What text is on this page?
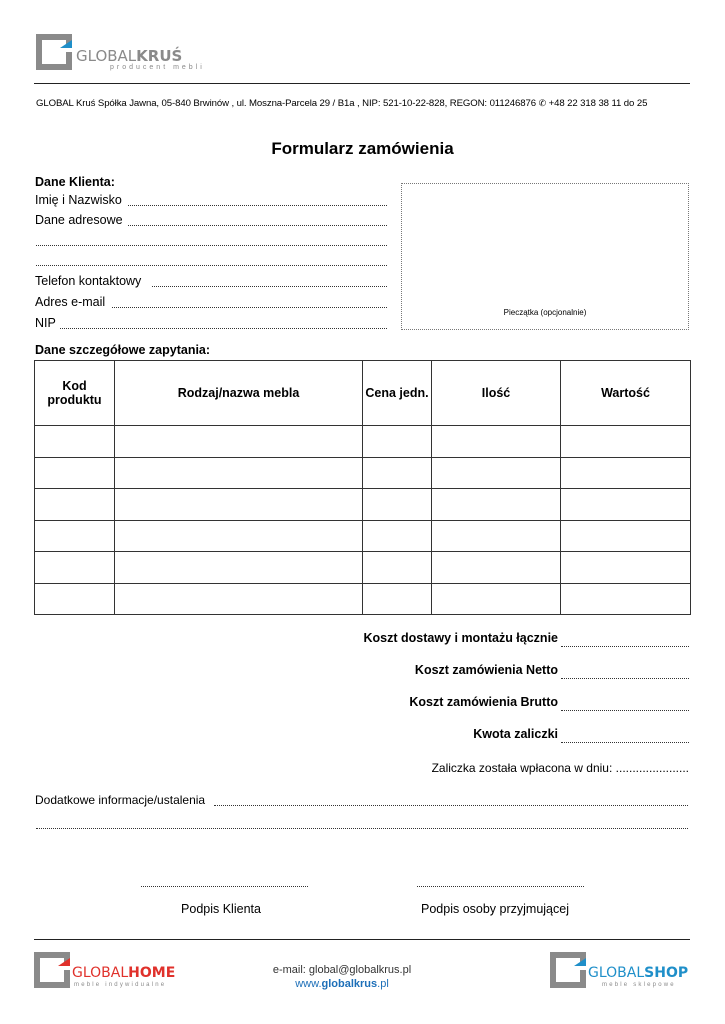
GLOBALKRUŚ
producent mebli
GLOBAL Kruś Spółka Jawna, 05-840 Brwinów , ul. Moszna-Parcela 29 / B1a , NIP: 521-10-22-828, REGON: 011246876 ✆ +48 22 318 38 11 do 25
Formularz zamówienia
Dane Klienta:
Imię i Nazwisko
Dane adresowe
Telefon kontaktowy
Adres e-mail
NIP
Pieczątka (opcjonalnie)
Dane szczegółowe zapytania:
Kod produktu	Rodzaj/nazwa mebla	Cena jedn.	Ilość	Wartość

Koszt dostawy i montażu łącznie
Koszt zamówienia Netto
Koszt zamówienia Brutto
Kwota zaliczki
Zaliczka została wpłacona w dniu: ......................
Dodatkowe informacje/ustalenia
Podpis Klienta	Podpis osoby przyjmującej
GLOBALHOME
meble indywidualne
e-mail: global@globalkrus.pl
www.globalkrus.pl
GLOBALSHOP
meble sklepowe
